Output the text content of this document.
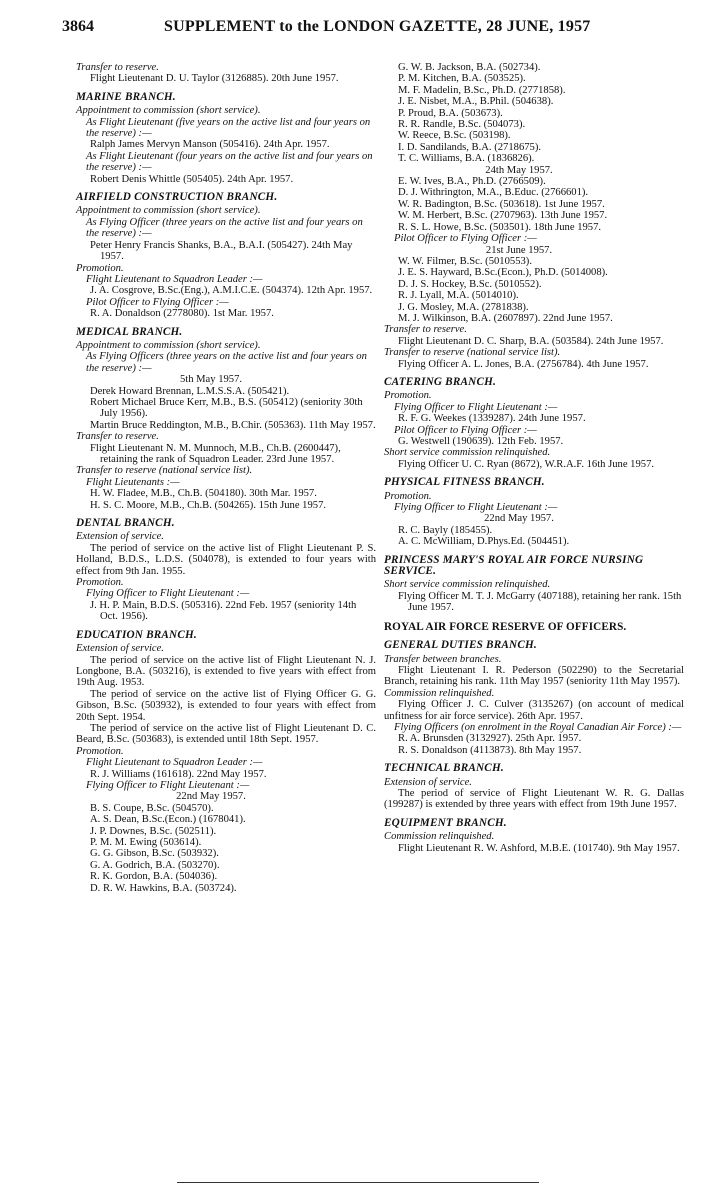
3864	SUPPLEMENT to the LONDON GAZETTE, 28 JUNE, 1957

Transfer to reserve.

Flight Lieutenant D. U. Taylor (3126885). 20th June 1957.

MARINE BRANCH.

Appointment to commission (short service).

As Flight Lieutenant (five years on the active list and four years on the reserve) :—

Ralph James Mervyn Manson (505416). 24th Apr. 1957.

As Flight Lieutenant (four years on the active list and four years on the reserve) :—

Robert Denis Whittle (505405). 24th Apr. 1957.

AIRFIELD CONSTRUCTION BRANCH.

Appointment to commission (short service).

As Flying Officer (three years on the active list and four years on the reserve) :—

Peter Henry Francis Shanks, B.A., B.A.I. (505427). 24th May 1957.

Promotion.

Flight Lieutenant to Squadron Leader :—

J. A. Cosgrove, B.Sc.(Eng.), A.M.I.C.E. (504374). 12th Apr. 1957.

Pilot Officer to Flying Officer :—

R. A. Donaldson (2778080). 1st Mar. 1957.

MEDICAL BRANCH.

Appointment to commission (short service).

As Flying Officers (three years on the active list and four years on the reserve) :—

5th May 1957.

Derek Howard Brennan, L.M.S.S.A. (505421).

Robert Michael Bruce Kerr, M.B., B.S. (505412) (seniority 30th July 1956).

Martin Bruce Reddington, M.B., B.Chir. (505363). 11th May 1957.

Transfer to reserve.

Flight Lieutenant N. M. Munnoch, M.B., Ch.B. (2600447), retaining the rank of Squadron Leader. 23rd June 1957.

Transfer to reserve (national service list).

Flight Lieutenants :—

H. W. Fladee, M.B., Ch.B. (504180). 30th Mar. 1957.

H. S. C. Moore, M.B., Ch.B. (504265). 15th June 1957.

DENTAL BRANCH.

Extension of service.

The period of service on the active list of Flight Lieutenant P. S. Holland, B.D.S., L.D.S. (504078), is extended to four years with effect from 9th Jan. 1955.

Promotion.

Flying Officer to Flight Lieutenant :—

J. H. P. Main, B.D.S. (505316). 22nd Feb. 1957 (seniority 14th Oct. 1956).

EDUCATION BRANCH.

Extension of service.

The period of service on the active list of Flight Lieutenant N. J. Longbone, B.A. (503216), is extended to five years with effect from 19th Aug. 1953.

The period of service on the active list of Flying Officer G. G. Gibson, B.Sc. (503932), is extended to four years with effect from 20th Sept. 1954.

The period of service on the active list of Flight Lieutenant D. C. Beard, B.Sc. (503683), is extended until 18th Sept. 1957.

Promotion.

Flight Lieutenant to Squadron Leader :—

R. J. Williams (161618). 22nd May 1957.

Flying Officer to Flight Lieutenant :—

22nd May 1957.

B. S. Coupe, B.Sc. (504570).

A. S. Dean, B.Sc.(Econ.) (1678041).

J. P. Downes, B.Sc. (502511).

P. M. M. Ewing (503614).

G. G. Gibson, B.Sc. (503932).

G. A. Godrich, B.A. (503270).

R. K. Gordon, B.A. (504036).

D. R. W. Hawkins, B.A. (503724).

G. W. B. Jackson, B.A. (502734).

P. M. Kitchen, B.A. (503525).

M. F. Madelin, B.Sc., Ph.D. (2771858).

J. E. Nisbet, M.A., B.Phil. (504638).

P. Proud, B.A. (503673).

R. R. Randle, B.Sc. (504073).

W. Reece, B.Sc. (503198).

I. D. Sandilands, B.A. (2718675).

T. C. Williams, B.A. (1836826).

24th May 1957.

E. W. Ives, B.A., Ph.D. (2766509).

D. J. Withrington, M.A., B.Educ. (2766601).

W. R. Badington, B.Sc. (503618). 1st June 1957.

W. M. Herbert, B.Sc. (2707963). 13th June 1957.

R. S. L. Howe, B.Sc. (503501). 18th June 1957.

Pilot Officer to Flying Officer :—

21st June 1957.

W. W. Filmer, B.Sc. (5010553).

J. E. S. Hayward, B.Sc.(Econ.), Ph.D. (5014008).

D. J. S. Hockey, B.Sc. (5010552).

R. J. Lyall, M.A. (5014010).

J. G. Mosley, M.A. (2781838).

M. J. Wilkinson, B.A. (2607897). 22nd June 1957.

Transfer to reserve.

Flight Lieutenant D. C. Sharp, B.A. (503584). 24th June 1957.

Transfer to reserve (national service list).

Flying Officer A. L. Jones, B.A. (2756784). 4th June 1957.

CATERING BRANCH.

Promotion.

Flying Officer to Flight Lieutenant :—

R. F. G. Weekes (1339287). 24th June 1957.

Pilot Officer to Flying Officer :—

G. Westwell (190639). 12th Feb. 1957.

Short service commission relinquished.

Flying Officer U. C. Ryan (8672), W.R.A.F. 16th June 1957.

PHYSICAL FITNESS BRANCH.

Promotion.

Flying Officer to Flight Lieutenant :—

22nd May 1957.

R. C. Bayly (185455).

A. C. McWilliam, D.Phys.Ed. (504451).

PRINCESS MARY'S ROYAL AIR FORCE NURSING SERVICE.

Short service commission relinquished.

Flying Officer M. T. J. McGarry (407188), retaining her rank. 15th June 1957.

ROYAL AIR FORCE RESERVE OF OFFICERS.

GENERAL DUTIES BRANCH.

Transfer between branches.

Flight Lieutenant I. R. Pederson (502290) to the Secretarial Branch, retaining his rank. 11th May 1957 (seniority 11th May 1957).

Commission relinquished.

Flying Officer J. C. Culver (3135267) (on account of medical unfitness for air force service). 26th Apr. 1957.

Flying Officers (on enrolment in the Royal Canadian Air Force) :—

R. A. Brunsden (3132927). 25th Apr. 1957.

R. S. Donaldson (4113873). 8th May 1957.

TECHNICAL BRANCH.

Extension of service.

The period of service of Flight Lieutenant W. R. G. Dallas (199287) is extended by three years with effect from 19th June 1957.

EQUIPMENT BRANCH.

Commission relinquished.

Flight Lieutenant R. W. Ashford, M.B.E. (101740). 9th May 1957.
